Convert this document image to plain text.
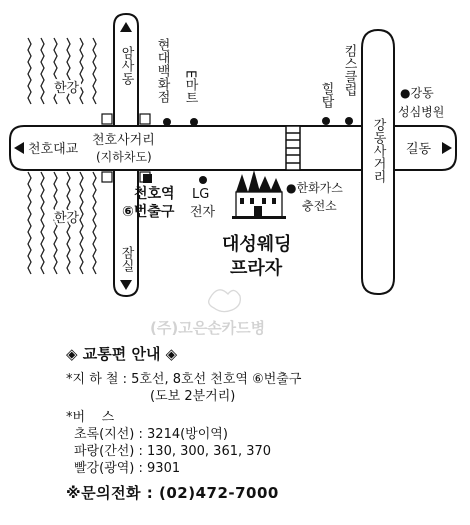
천호대교	길동
천호사거리
(지하차도)
암사동
잠실
강동사거리
한강
한강
현대백화점 E마트	힐탑 킴스클럽	●강동
성심병원
천호역
⑥번출구
LG
전자
●한화가스
충전소
대성웨딩
프라자
(주)고은손카드병
◈ 교통편 안내 ◈
*지 하 철 : 5호선, 8호선 천호역 ⑥번출구
(도보 2분거리)
*버    스
초록(지선) : 3214(방이역)
파랑(간선) : 130, 300, 361, 370
빨강(광역) : 9301
※문의전화 : (02)472-7000
